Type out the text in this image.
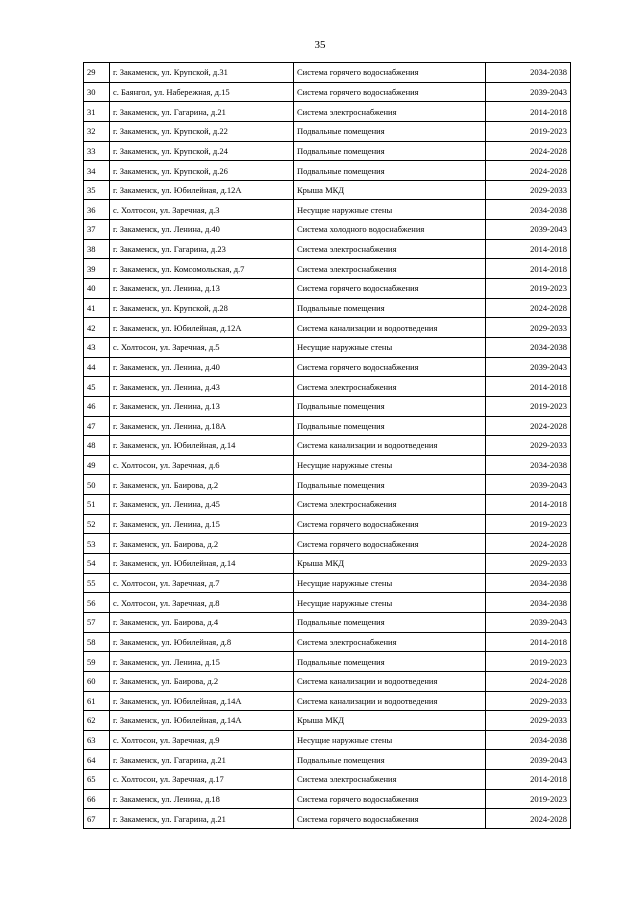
35
29	г. Закаменск, ул. Крупской, д.31	Система горячего водоснабжения	2034-2038
30	с. Баянгол, ул. Набережная, д.15	Система горячего водоснабжения	2039-2043
31	г. Закаменск, ул. Гагарина, д.21	Система электроснабжения	2014-2018
32	г. Закаменск, ул. Крупской, д.22	Подвальные помещения	2019-2023
33	г. Закаменск, ул. Крупской, д.24	Подвальные помещения	2024-2028
34	г. Закаменск, ул. Крупской, д.26	Подвальные помещения	2024-2028
35	г. Закаменск, ул. Юбилейная, д.12А	Крыша МКД	2029-2033
36	с. Холтосон, ул. Заречная, д.3	Несущие наружные стены	2034-2038
37	г. Закаменск, ул. Ленина, д.40	Система холодного водоснабжения	2039-2043
38	г. Закаменск, ул. Гагарина, д.23	Система электроснабжения	2014-2018
39	г. Закаменск, ул. Комсомольская, д.7	Система электроснабжения	2014-2018
40	г. Закаменск, ул. Ленина, д.13	Система горячего водоснабжения	2019-2023
41	г. Закаменск, ул. Крупской, д.28	Подвальные помещения	2024-2028
42	г. Закаменск, ул. Юбилейная, д.12А	Система канализации и водоотведения	2029-2033
43	с. Холтосон, ул. Заречная, д.5	Несущие наружные стены	2034-2038
44	г. Закаменск, ул. Ленина, д.40	Система горячего водоснабжения	2039-2043
45	г. Закаменск, ул. Ленина, д.43	Система электроснабжения	2014-2018
46	г. Закаменск, ул. Ленина, д.13	Подвальные помещения	2019-2023
47	г. Закаменск, ул. Ленина, д.18А	Подвальные помещения	2024-2028
48	г. Закаменск, ул. Юбилейная, д.14	Система канализации и водоотведения	2029-2033
49	с. Холтосон, ул. Заречная, д.6	Несущие наружные стены	2034-2038
50	г. Закаменск, ул. Баирова, д.2	Подвальные помещения	2039-2043
51	г. Закаменск, ул. Ленина, д.45	Система электроснабжения	2014-2018
52	г. Закаменск, ул. Ленина, д.15	Система горячего водоснабжения	2019-2023
53	г. Закаменск, ул. Баирова, д.2	Система горячего водоснабжения	2024-2028
54	г. Закаменск, ул. Юбилейная, д.14	Крыша МКД	2029-2033
55	с. Холтосон, ул. Заречная, д.7	Несущие наружные стены	2034-2038
56	с. Холтосон, ул. Заречная, д.8	Несущие наружные стены	2034-2038
57	г. Закаменск, ул. Баирова, д.4	Подвальные помещения	2039-2043
58	г. Закаменск, ул. Юбилейная, д.8	Система электроснабжения	2014-2018
59	г. Закаменск, ул. Ленина, д.15	Подвальные помещения	2019-2023
60	г. Закаменск, ул. Баирова, д.2	Система канализации и водоотведения	2024-2028
61	г. Закаменск, ул. Юбилейная, д.14А	Система канализации и водоотведения	2029-2033
62	г. Закаменск, ул. Юбилейная, д.14А	Крыша МКД	2029-2033
63	с. Холтосон, ул. Заречная, д.9	Несущие наружные стены	2034-2038
64	г. Закаменск, ул. Гагарина, д.21	Подвальные помещения	2039-2043
65	с. Холтосон, ул. Заречная, д.17	Система электроснабжения	2014-2018
66	г. Закаменск, ул. Ленина, д.18	Система горячего водоснабжения	2019-2023
67	г. Закаменск, ул. Гагарина, д.21	Система горячего водоснабжения	2024-2028
